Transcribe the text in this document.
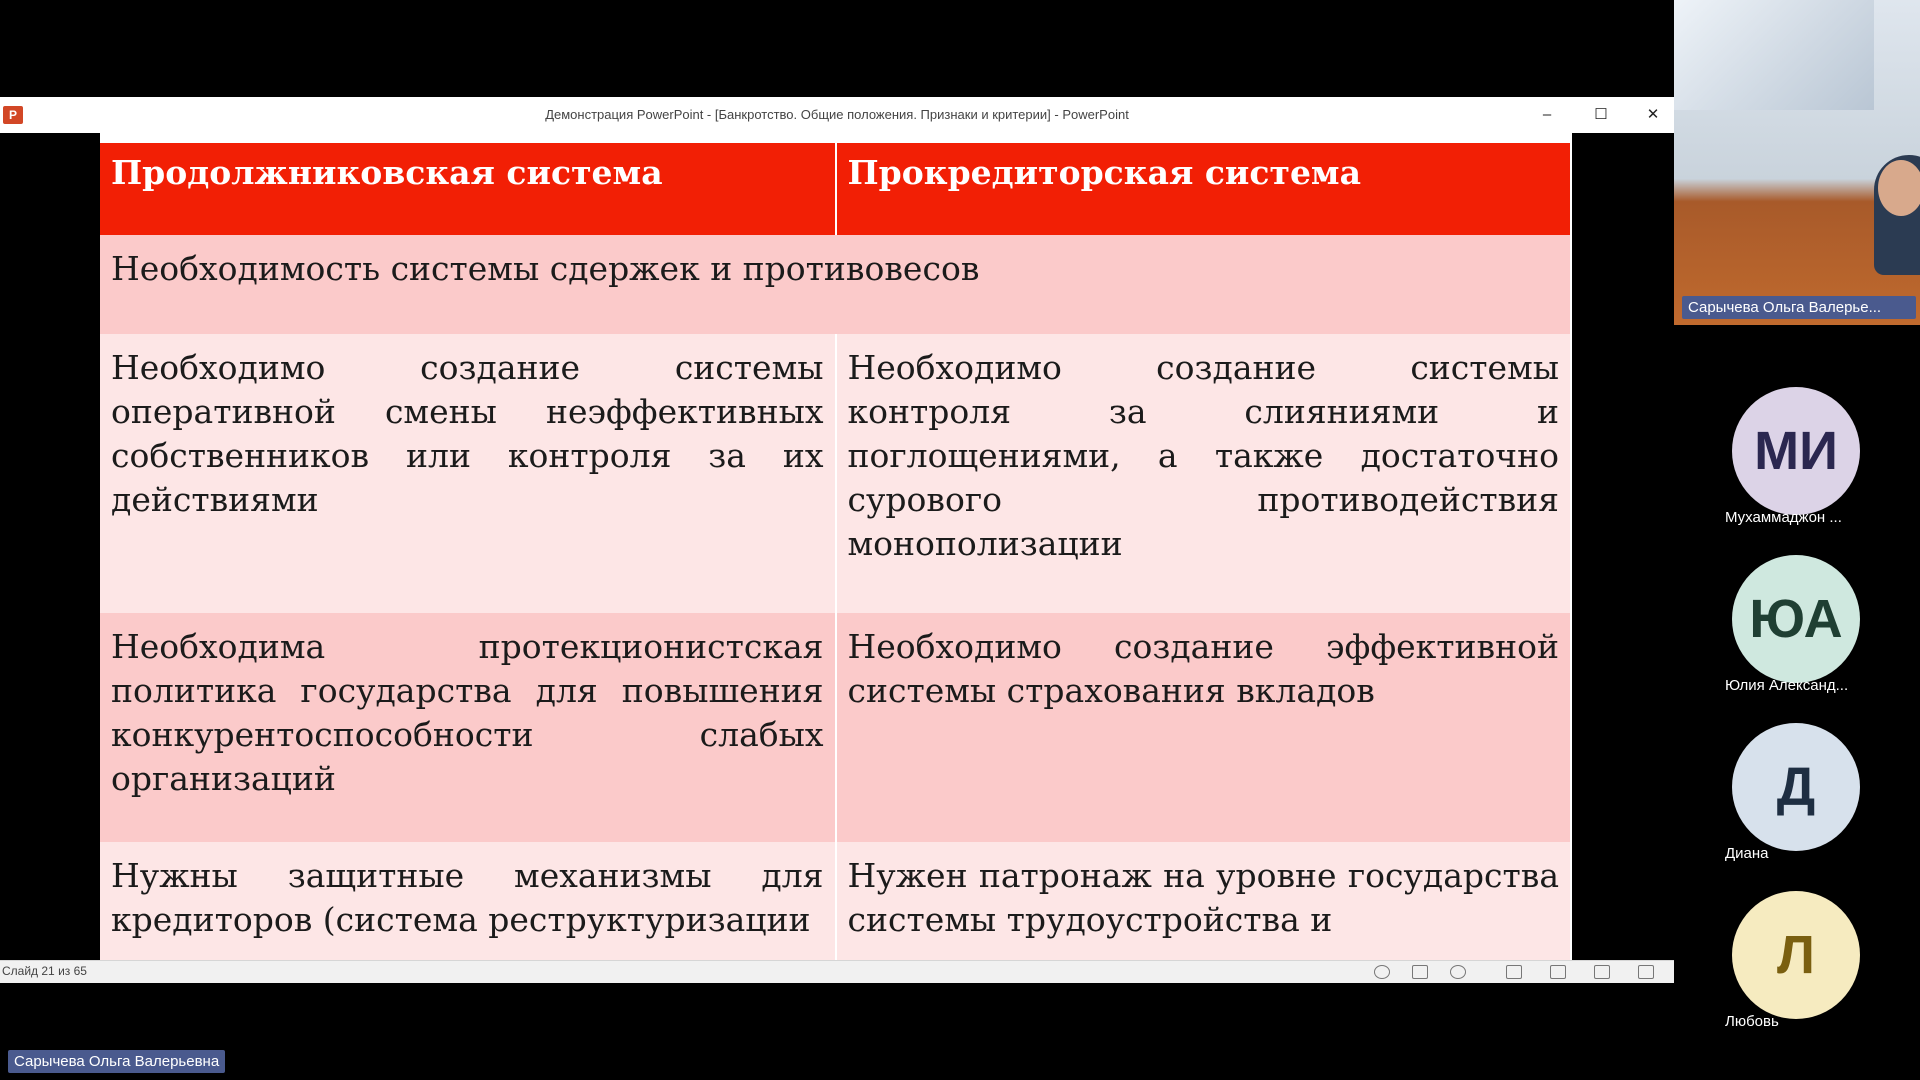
P	Демонстрация PowerPoint - [Банкротство. Общие положения. Признаки и критерии] - PowerPoint	–	☐	✕
Продолжниковская система	Прокредиторская система
Необходимость системы сдержек и противовесов	
Необходимо создание системы оперативной смены неэффективных собственников или контроля за их действиями	Необходимо создание системы контроля за слияниями и поглощениями, а также достаточно сурового противодействия монополизации
Необходима протекционистская политика государства для повышения конкурентоспособности слабых организаций	Необходимо создание эффективной системы страхования вкладов
Нужны защитные механизмы для кредиторов (система реструктуризации	Нужен патронаж на уровне государства системы трудоустройства и
Слайд 21 из 65
Сарычева Ольга Валерье...
МИ
Мухаммаджон ...
ЮА
Юлия Александ...
Д
Диана
Л
Любовь
Сарычева Ольга Валерьевна
